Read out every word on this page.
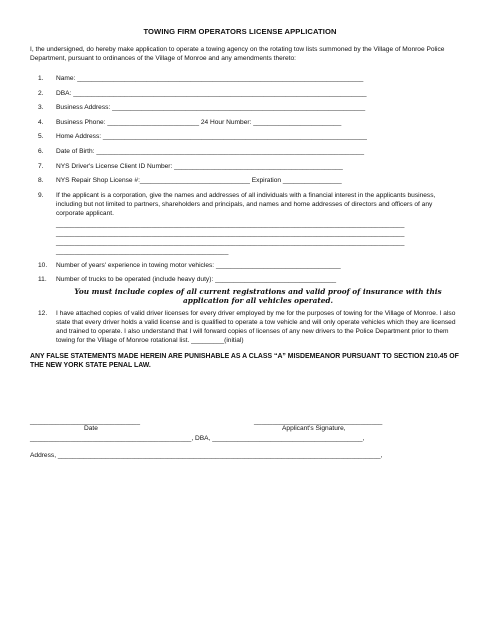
TOWING FIRM OPERATORS LICENSE APPLICATION
I, the undersigned, do hereby make application to operate a towing agency on the rotating tow lists summoned by the Village of Monroe Police Department, pursuant to ordinances of the Village of Monroe and any amendments thereto:
1. Name: ______________________________________________________________________________
2. DBA: ________________________________________________________________________________
3. Business Address: _____________________________________________________________________
4. Business Phone: _________________________ 24 Hour Number: ________________________
5. Home Address: ________________________________________________________________________
6. Date of Birth: _________________________________________________________________________
7. NYS Driver's License Client ID Number: ______________________________________________
8. NYS Repair Shop License #:______________________________ Expiration ________________
9. If the applicant is a corporation, give the names and addresses of all individuals with a financial interest in the applicants business, including but not limited to partners, shareholders and principals, and names and home addresses of directors and officers of any corporate applicant.
_______________________________________________________________________________________________
_______________________________________________________________________________________________
_______________________________________________________________________________________________
_______________________________________________
10. Number of years' experience in towing motor vehicles: __________________________________
11. Number of trucks to be operated (include heavy duty): _________________________________
You must include copies of all current registrations and valid proof of insurance with this application for all vehicles operated.
12. I have attached copies of valid driver licenses for every driver employed by me for the purposes of towing for the Village of Monroe. I also state that every driver holds a valid license and is qualified to operate a tow vehicle and will only operate vehicles which they are licensed and trained to operate. I also understand that I will forward copies of licenses of any new drivers to the Police Department prior to them towing for the Village of Monroe rotational list. _________(initial)
ANY FALSE STATEMENTS MADE HEREIN ARE PUNISHABLE AS A CLASS “A” MISDEMEANOR PURSUANT TO SECTION 210.45 OF THE NEW YORK STATE PENAL LAW.
______________________________
Date
___________________________________
Applicant's Signature,
____________________________________________, DBA, _________________________________________,
Address, ________________________________________________________________________________________,
